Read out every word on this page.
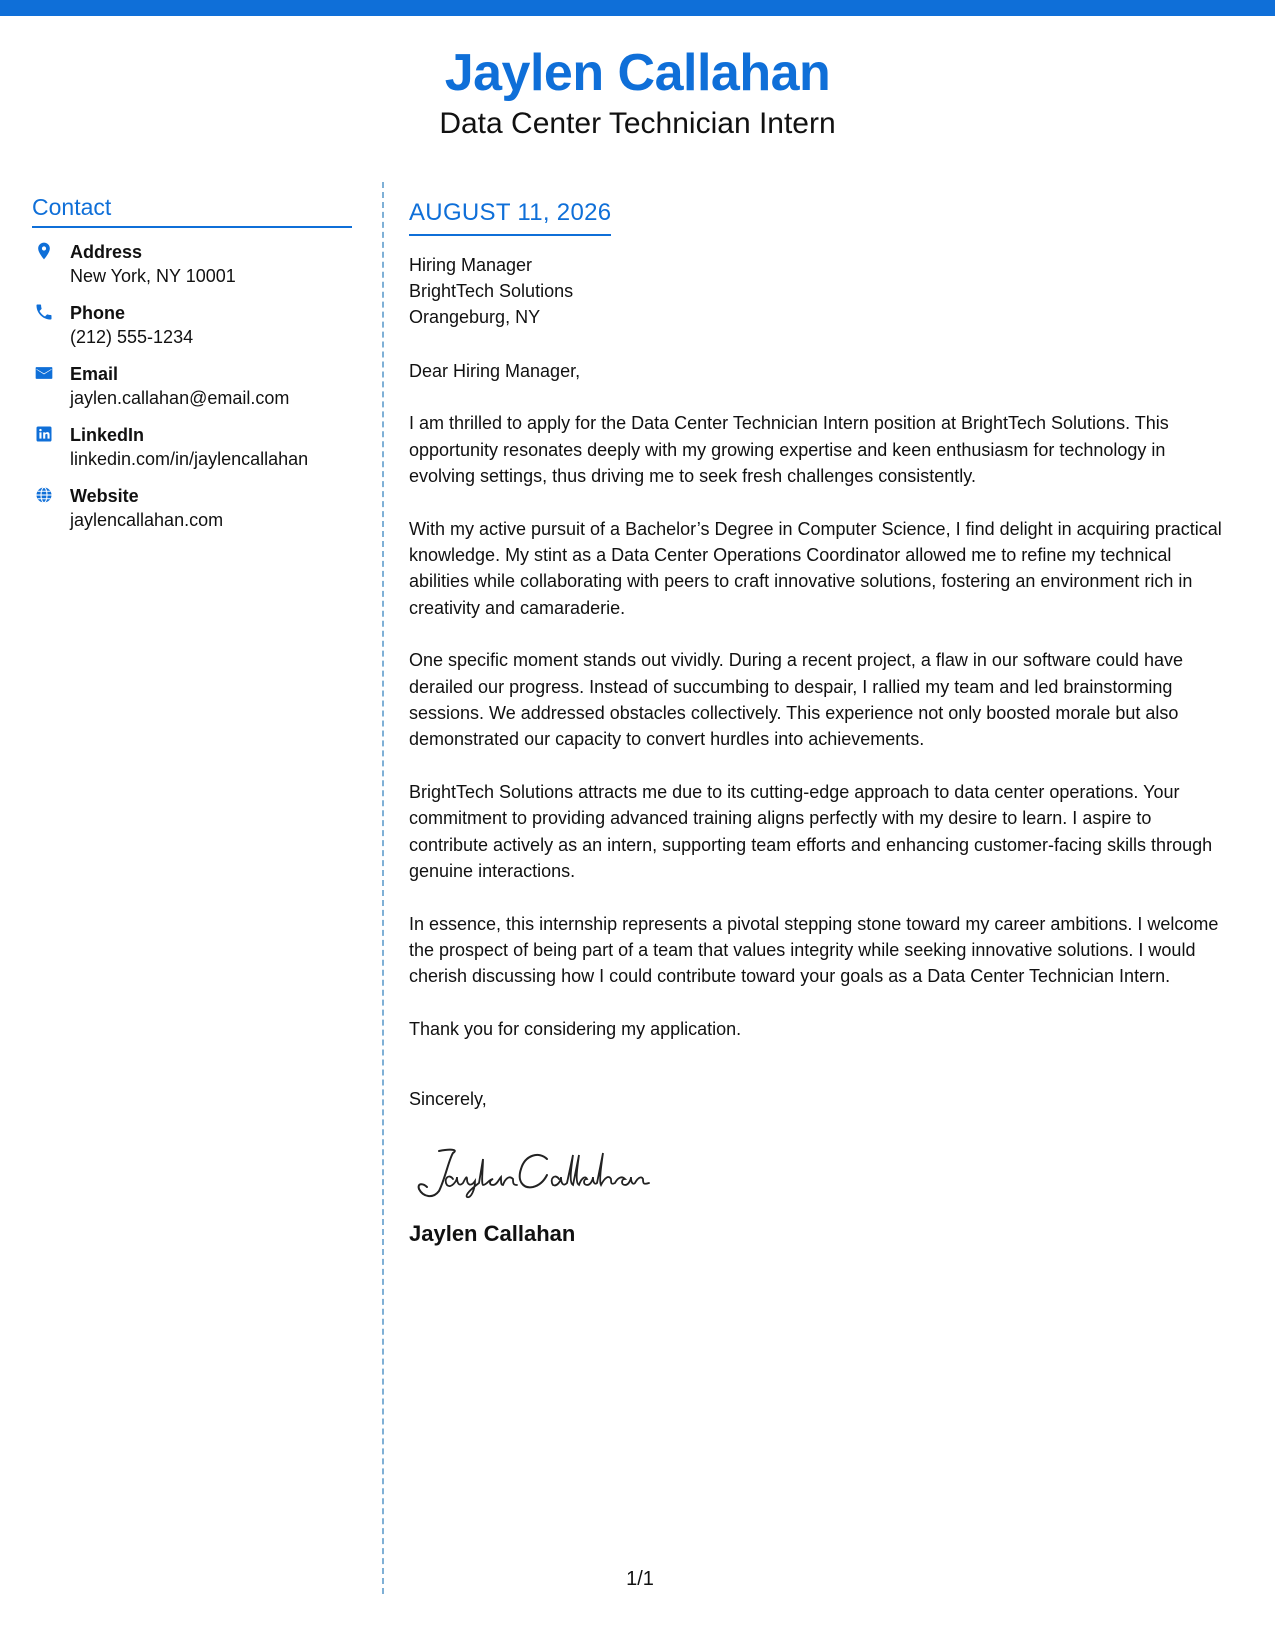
Jaylen Callahan
Data Center Technician Intern
Contact
Address
New York, NY 10001
Phone
(212) 555-1234
Email
jaylen.callahan@email.com
LinkedIn
linkedin.com/in/jaylencallahan
Website
jaylencallahan.com
AUGUST 11, 2026
Hiring Manager
BrightTech Solutions
Orangeburg, NY
Dear Hiring Manager,
I am thrilled to apply for the Data Center Technician Intern position at BrightTech Solutions. This opportunity resonates deeply with my growing expertise and keen enthusiasm for technology in evolving settings, thus driving me to seek fresh challenges consistently.
With my active pursuit of a Bachelor’s Degree in Computer Science, I find delight in acquiring practical knowledge. My stint as a Data Center Operations Coordinator allowed me to refine my technical abilities while collaborating with peers to craft innovative solutions, fostering an environment rich in creativity and camaraderie.
One specific moment stands out vividly. During a recent project, a flaw in our software could have derailed our progress. Instead of succumbing to despair, I rallied my team and led brainstorming sessions. We addressed obstacles collectively. This experience not only boosted morale but also demonstrated our capacity to convert hurdles into achievements.
BrightTech Solutions attracts me due to its cutting-edge approach to data center operations. Your commitment to providing advanced training aligns perfectly with my desire to learn. I aspire to contribute actively as an intern, supporting team efforts and enhancing customer-facing skills through genuine interactions.
In essence, this internship represents a pivotal stepping stone toward my career ambitions. I welcome the prospect of being part of a team that values integrity while seeking innovative solutions. I would cherish discussing how I could contribute toward your goals as a Data Center Technician Intern.
Thank you for considering my application.
Sincerely,
Jaylen Callahan
1/1
